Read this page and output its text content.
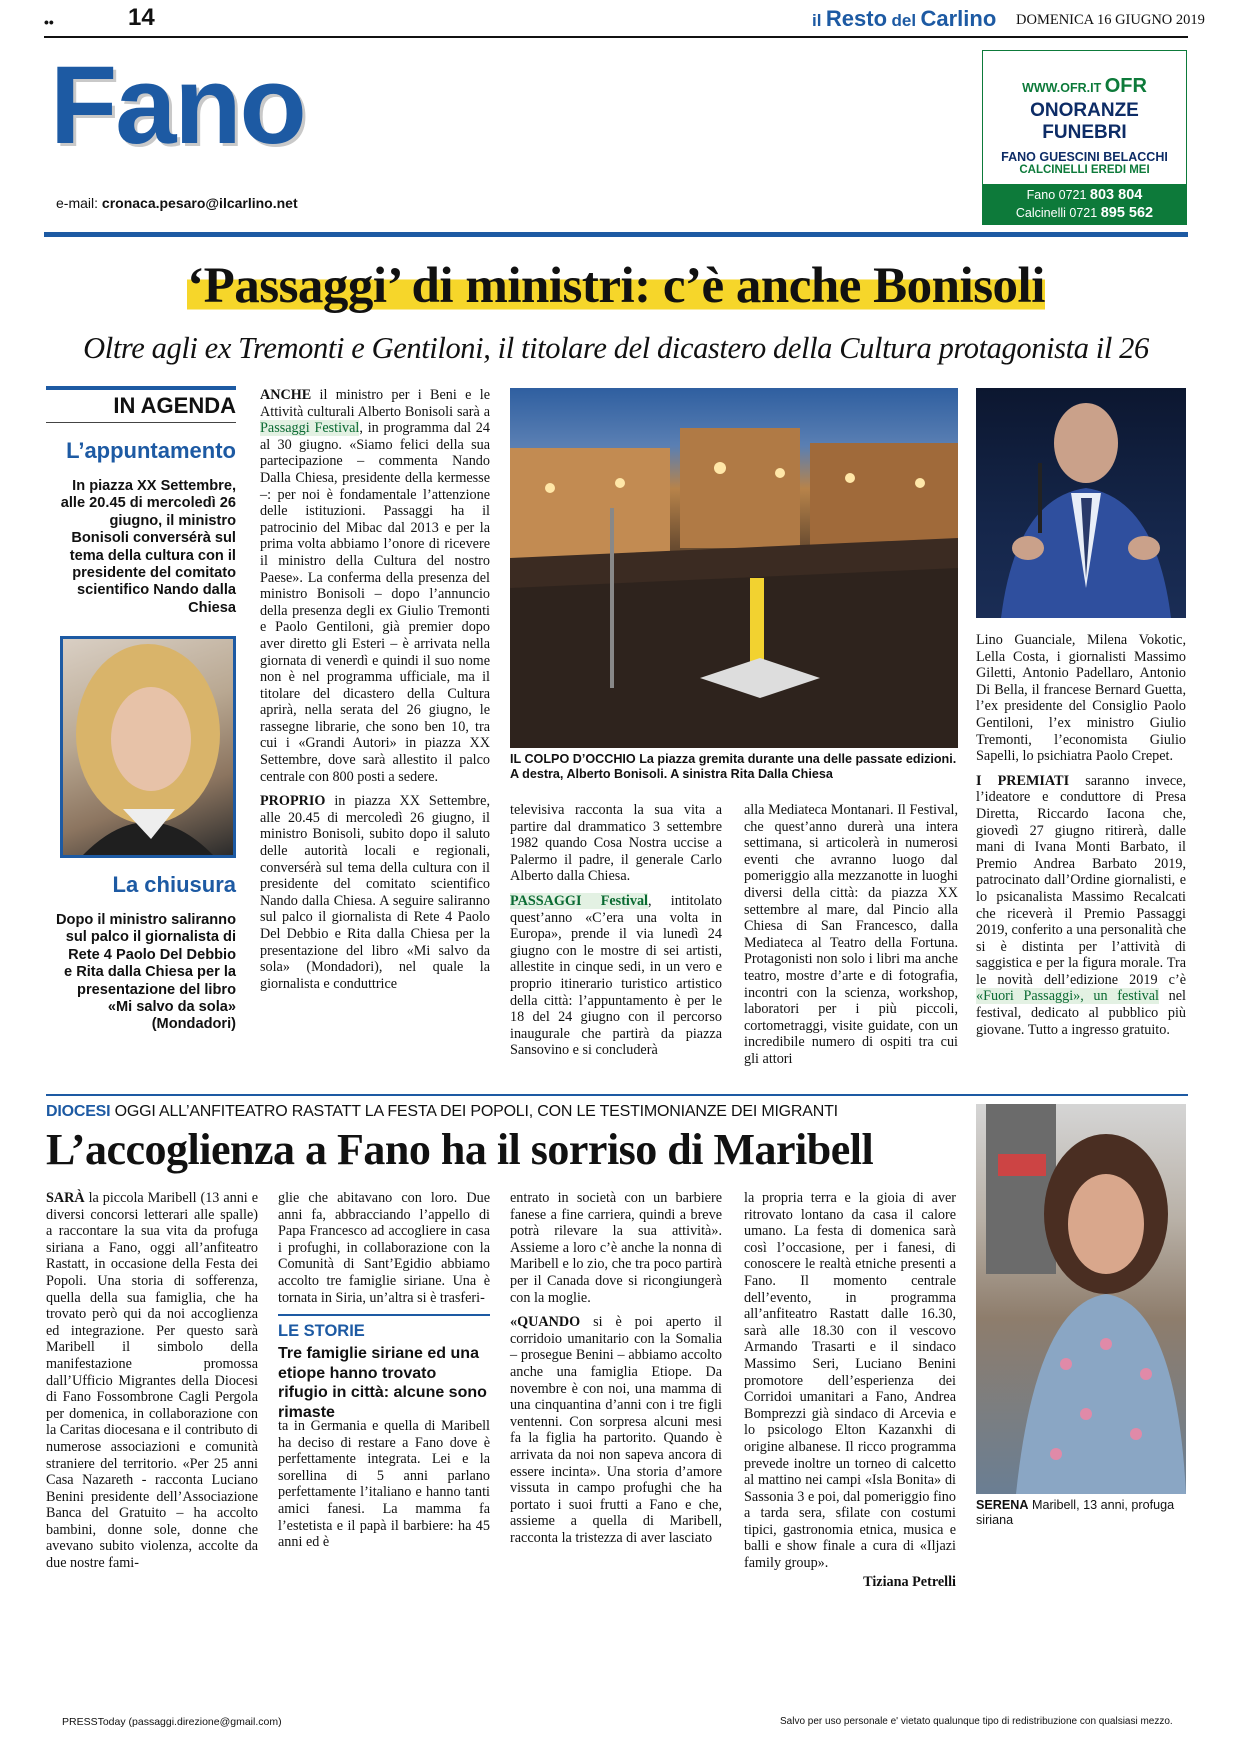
••	14	il Resto del Carlino DOMENICA 16 GIUGNO 2019
Fano
e-mail: cronaca.pesaro@ilcarlino.net
WWW.OFR.IT OFR
ONORANZE
FUNEBRI
FANO GUESCINI BELACCHI
CALCINELLI EREDI MEI
Fano 0721 803 804
Calcinelli 0721 895 562
‘Passaggi’ di ministri: c’è anche Bonisoli
Oltre agli ex Tremonti e Gentiloni, il titolare del dicastero della Cultura protagonista il 26
IN AGENDA
L’appuntamento
In piazza XX Settembre, alle 20.45 di mercoledì 26 giugno, il ministro Bonisoli conversérà sul tema della cultura con il presidente del comitato scientifico Nando dalla Chiesa
La chiusura
Dopo il ministro saliranno sul palco il giornalista di Rete 4 Paolo Del Debbio e Rita dalla Chiesa per la presentazione del libro «Mi salvo da sola» (Mondadori)

ANCHE il ministro per i Beni e le Attività culturali Alberto Bonisoli sarà a Passaggi Festival, in programma dal 24 al 30 giugno. «Siamo felici della sua partecipazione – commenta Nando Dalla Chiesa, presidente della kermesse –: per noi è fondamentale l’attenzione delle istituzioni. Passaggi ha il patrocinio del Mibac dal 2013 e per la prima volta abbiamo l’onore di ricevere il ministro della Cultura del nostro Paese». La conferma della presenza del ministro Bonisoli – dopo l’annuncio della presenza degli ex Giulio Tremonti e Paolo Gentiloni, già premier dopo aver diretto gli Esteri – è arrivata nella giornata di venerdì e quindi il suo nome non è nel programma ufficiale, ma il titolare del dicastero della Cultura aprirà, nella serata del 26 giugno, le rassegne librarie, che sono ben 10, tra cui i «Grandi Autori» in piazza XX Settembre, dove sarà allestito il palco centrale con 800 posti a sedere.

PROPRIO in piazza XX Settembre, alle 20.45 di mercoledì 26 giugno, il ministro Bonisoli, subito dopo il saluto delle autorità locali e regionali, conversérà sul tema della cultura con il presidente del comitato scientifico Nando dalla Chiesa. A seguire saliranno sul palco il giornalista di Rete 4 Paolo Del Debbio e Rita dalla Chiesa per la presentazione del libro «Mi salvo da sola» (Mondadori), nel quale la giornalista e conduttrice

IL COLPO D’OCCHIO La piazza gremita durante una delle passate edizioni. A destra, Alberto Bonisoli. A sinistra Rita Dalla Chiesa

televisiva racconta la sua vita a partire dal drammatico 3 settembre 1982 quando Cosa Nostra uccise a Palermo il padre, il generale Carlo Alberto dalla Chiesa.

PASSAGGI Festival, intitolato quest’anno «C’era una volta in Europa», prende il via lunedì 24 giugno con le mostre di sei artisti, allestite in cinque sedi, in un vero e proprio itinerario turistico artistico della città: l’appuntamento è per le 18 del 24 giugno con il percorso inaugurale che partirà da piazza Sansovino e si concluderà

alla Mediateca Montanari. Il Festival, che quest’anno durerà una intera settimana, si articolerà in numerosi eventi che avranno luogo dal pomeriggio alla mezzanotte in luoghi diversi della città: da piazza XX settembre al mare, dal Pincio alla Chiesa di San Francesco, dalla Mediateca al Teatro della Fortuna. Protagonisti non solo i libri ma anche teatro, mostre d’arte e di fotografia, incontri con la scienza, workshop, laboratori per i più piccoli, cortometraggi, visite guidate, con un incredibile numero di ospiti tra cui gli attori

Lino Guanciale, Milena Vokotic, Lella Costa, i giornalisti Massimo Giletti, Antonio Padellaro, Antonio Di Bella, il francese Bernard Guetta, l’ex presidente del Consiglio Paolo Gentiloni, l’ex ministro Giulio Tremonti, l’economista Giulio Sapelli, lo psichiatra Paolo Crepet.

I PREMIATI saranno invece, l’ideatore e conduttore di Presa Diretta, Riccardo Iacona che, giovedì 27 giugno ritirerà, dalle mani di Ivana Monti Barbato, il Premio Andrea Barbato 2019, patrocinato dall’Ordine giornalisti, e lo psicanalista Massimo Recalcati che riceverà il Premio Passaggi 2019, conferito a una personalità che si è distinta per l’attività di saggistica e per la figura morale. Tra le novità dell’edizione 2019 c’è «Fuori Passaggi», un festival nel festival, dedicato al pubblico più giovane. Tutto a ingresso gratuito.

DIOCESI OGGI ALL’ANFITEATRO RASTATT LA FESTA DEI POPOLI, CON LE TESTIMONIANZE DEI MIGRANTI
L’accoglienza a Fano ha il sorriso di Maribell

SARÀ la piccola Maribell (13 anni e diversi concorsi letterari alle spalle) a raccontare la sua vita da profuga siriana a Fano, oggi all’anfiteatro Rastatt, in occasione della Festa dei Popoli. Una storia di sofferenza, quella della sua famiglia, che ha trovato però qui da noi accoglienza ed integrazione. Per questo sarà Maribell il simbolo della manifestazione promossa dall’Ufficio Migrantes della Diocesi di Fano Fossombrone Cagli Pergola per domenica, in collaborazione con la Caritas diocesana e il contributo di numerose associazioni e comunità straniere del territorio. «Per 25 anni Casa Nazareth - racconta Luciano Benini presidente dell’Associazione Banca del Gratuito – ha accolto bambini, donne sole, donne che avevano subito violenza, accolte da due nostre fami-

glie che abitavano con loro. Due anni fa, abbracciando l’appello di Papa Francesco ad accogliere in casa i profughi, in collaborazione con la Comunità di Sant’Egidio abbiamo accolto tre famiglie siriane. Una è tornata in Siria, un’altra si è trasferi-

LE STORIE
Tre famiglie siriane ed una etiope hanno trovato rifugio in città: alcune sono rimaste

ta in Germania e quella di Maribell ha deciso di restare a Fano dove è perfettamente integrata. Lei e la sorellina di 5 anni parlano perfettamente l’italiano e hanno tanti amici fanesi. La mamma fa l’estetista e il papà il barbiere: ha 45 anni ed è

entrato in società con un barbiere fanese a fine carriera, quindi a breve potrà rilevare la sua attività». Assieme a loro c’è anche la nonna di Maribell e lo zio, che tra poco partirà per il Canada dove si ricongiungerà con la moglie.

«QUANDO si è poi aperto il corridoio umanitario con la Somalia – prosegue Benini – abbiamo accolto anche una famiglia Etiope. Da novembre è con noi, una mamma di una cinquantina d’anni con i tre figli ventenni. Con sorpresa alcuni mesi fa la figlia ha partorito. Quando è arrivata da noi non sapeva ancora di essere incinta». Una storia d’amore vissuta in campo profughi che ha portato i suoi frutti a Fano e che, assieme a quella di Maribell, racconta la tristezza di aver lasciato

la propria terra e la gioia di aver ritrovato lontano da casa il calore umano. La festa di domenica sarà così l’occasione, per i fanesi, di conoscere le realtà etniche presenti a Fano. Il momento centrale dell’evento, in programma all’anfiteatro Rastatt dalle 16.30, sarà alle 18.30 con il vescovo Armando Trasarti e il sindaco Massimo Seri, Luciano Benini promotore dell’esperienza dei Corridoi umanitari a Fano, Andrea Bomprezzi già sindaco di Arcevia e lo psicologo Elton Kazanxhi di origine albanese. Il ricco programma prevede inoltre un torneo di calcetto al mattino nei campi «Isla Bonita» di Sassonia 3 e poi, dal pomeriggio fino a tarda sera, sfilate con costumi tipici, gastronomia etnica, musica e balli e show finale a cura di «Iljazi family group».

Tiziana Petrelli

SERENA Maribell, 13 anni, profuga siriana
PRESSToday (passaggi.direzione@gmail.com)	Salvo per uso personale e' vietato qualunque tipo di redistribuzione con qualsiasi mezzo.
